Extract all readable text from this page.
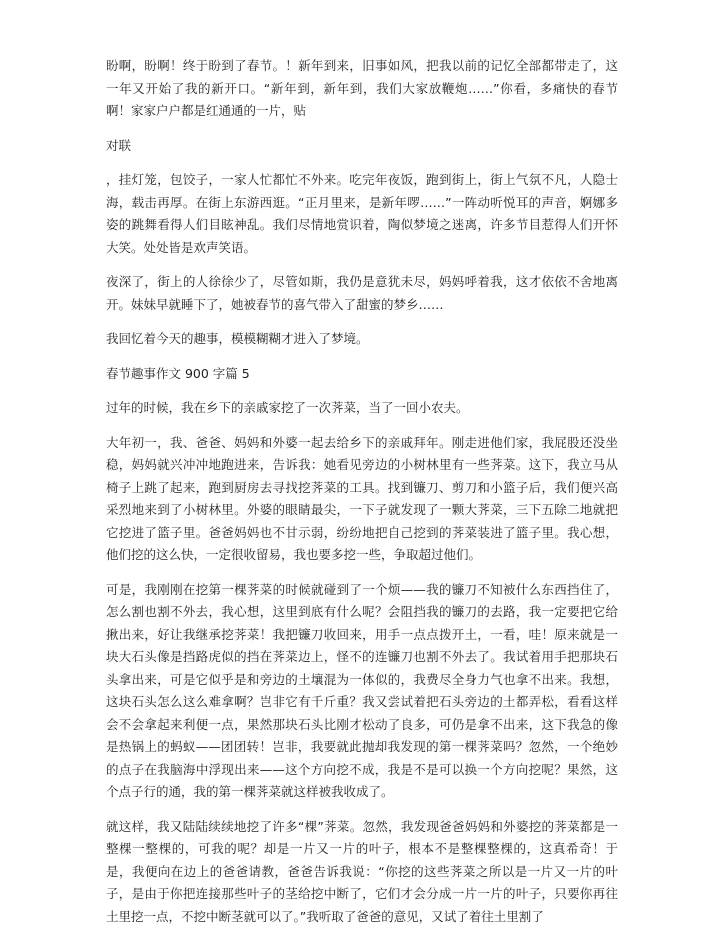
盼啊，盼啊！终于盼到了春节。！新年到来，旧事如风，把我以前的记忆全部都带走了，这一年又开始了我的新开口。“新年到，新年到，我们大家放鞭炮……”你看，多痛快的春节啊！家家户户都是红通通的一片，贴

对联

，挂灯笼，包饺子，一家人忙都忙不外来。吃完年夜饭，跑到街上，街上气氛不凡，人隐士海，载击再厚。在街上东游西逛。“正月里来，是新年啰……”一阵动听悦耳的声音，婀娜多姿的跳舞看得人们目眩神乱。我们尽情地赏识着，陶似梦境之迷离，许多节目惹得人们开怀大笑。处处皆是欢声笑语。

夜深了，街上的人徐徐少了，尽管如斯，我仍是意犹未尽，妈妈呼着我，这才依依不舍地离开。妹妹早就睡下了，她被春节的喜气带入了甜蜜的梦乡……

我回忆着今天的趣事，模模糊糊才进入了梦境。

春节趣事作文 900 字篇 5

过年的时候，我在乡下的亲戚家挖了一次荠菜，当了一回小农夫。

大年初一，我、爸爸、妈妈和外婆一起去给乡下的亲戚拜年。刚走进他们家，我屁股还没坐稳，妈妈就兴冲冲地跑进来，告诉我：她看见旁边的小树林里有一些荠菜。这下，我立马从椅子上跳了起来，跑到厨房去寻找挖荠菜的工具。找到镰刀、剪刀和小篮子后，我们便兴高采烈地来到了小树林里。外婆的眼睛最尖，一下子就发现了一颗大荠菜，三下五除二地就把它挖进了篮子里。爸爸妈妈也不甘示弱，纷纷地把自己挖到的荠菜装进了篮子里。我心想，他们挖的这么快，一定很收留易，我也要多挖一些，争取超过他们。

可是，我刚刚在挖第一棵荠菜的时候就碰到了一个烦——我的镰刀不知被什么东西挡住了，怎么割也割不外去，我心想，这里到底有什么呢？会阻挡我的镰刀的去路，我一定要把它给揪出来，好让我继承挖荠菜！我把镰刀收回来，用手一点点拨开土，一看，哇！原来就是一块大石头像是挡路虎似的挡在荠菜边上，怪不的连镰刀也割不外去了。我试着用手把那块石头拿出来，可是它似乎是和旁边的土壤混为一体似的，我费尽全身力气也拿不出来。我想，这块石头怎么这么难拿啊？岂非它有千斤重？我又尝试着把石头旁边的土都弄松，看看这样会不会拿起来利便一点，果然那块石头比刚才松动了良多，可仍是拿不出来，这下我急的像是热锅上的蚂蚁——团团转！岂非，我要就此抛却我发现的第一棵荠菜吗？忽然，一个绝妙的点子在我脑海中浮现出来——这个方向挖不成，我是不是可以换一个方向挖呢？果然，这个点子行的通，我的第一棵荠菜就这样被我收成了。

就这样，我又陆陆续续地挖了许多“棵”荠菜。忽然，我发现爸爸妈妈和外婆挖的荠菜都是一整棵一整棵的，可我的呢？却是一片又一片的叶子，根本不是整棵整棵的，这真希奇！于是，我便向在边上的爸爸请教，爸爸告诉我说：“你挖的这些荠菜之所以是一片又一片的叶子，是由于你把连接那些叶子的茎给挖中断了，它们才会分成一片一片的叶子，只要你再往土里挖一点，不挖中断茎就可以了。”我听取了爸爸的意见，又试了着往土里割了
